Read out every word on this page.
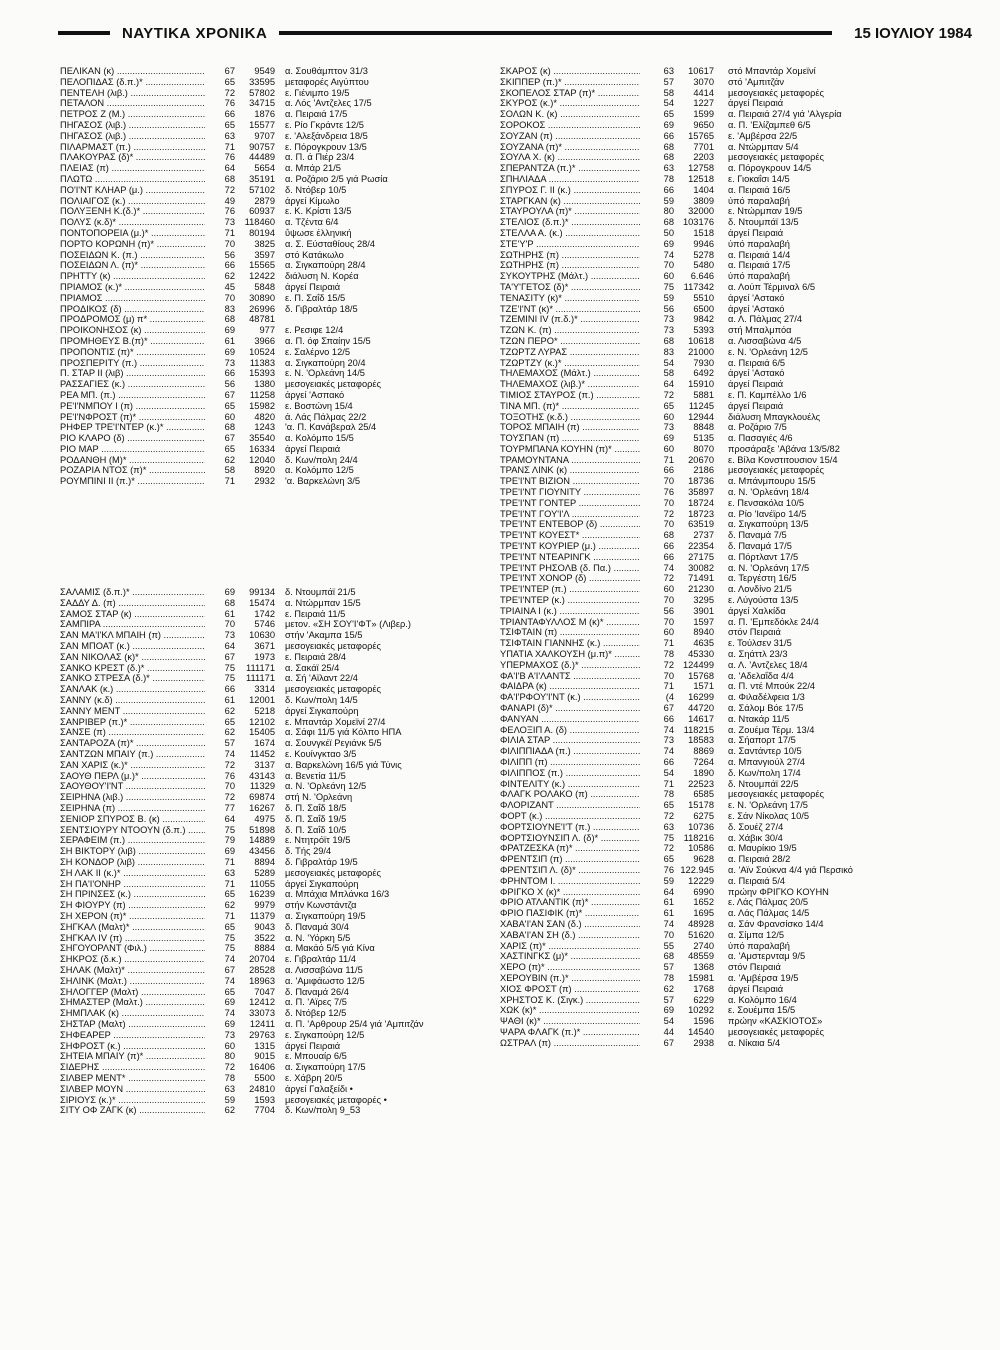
ΝΑΥΤΙΚΑ ΧΡΟΝΙΚΑ	15 ΙΟΥΛΙΟΥ 1984
ΠΕΛΙΚΑΝ (κ) .....	67	9549 α. Σουθάμπτον 31/3
ΠΕΛΟΠΙΔΑΣ (δ.π.)* .....	65	33595 μεταφορές Αιγύπτου
ΠΕΝΤΕΛΗ (λιβ.) .....	72	57802 ε. Γιένιμπο 19/5
ΠΕΤΑΛΟΝ .....	76	34715 α. Λός 'Αντζελες 17/5
ΠΕΤΡΟΣ Ζ (Μ.) .....	66	1876 α. Πειραιά 17/5
ΠΗΓΑΣΟΣ (λιβ.) .....	65	15577 ε. Ρίο Γκράντε 12/5
ΠΗΓΑΣΟΣ (λιβ.) .....	63	9707 ε. 'Αλεξάνδρεια 18/5
ΠΙΛΑΡΜΑΣΤ (π.) .....	71	90757 ε. Πόρογκρουν 13/5
ΠΛΑΚΟΥΡΑΣ (δ)* .....	76	44489 α. Π. ά Πιέρ 23/4
ΠΛΕΙΑΣ (π) .....	64	5654 α. Μπάρ 21/5
ΠΛΩΤΩ .....	68	35191 α. Ροζάριο 2/5 γιά Ρωσία
ΠΟ'Ι'ΝΤ ΚΛΗΑΡ (μ.) .....	72	57102 δ. Ντόβερ 10/5
ΠΟΛΙΑΙΓΟΣ (κ.) .....	49	2879 άργεί Κίμωλο
ΠΟΛΥΞΕΝΗ Κ.(δ.)* .....	76	60937 ε. Κ. Κρίστι 13/5
ΠΟΛΥΣ (κ.δ)* .....	73	118460 α. Τζέντα 6/4
ΠΟΝΤΟΠΟΡΕΙΑ (μ.)* .....	71	80194 ΰψωσε έλληνική
ΠΟΡΤΟ ΚΟΡΩΝΗ (π)* .....	70	3825 α. Σ. Εύσταθίους 28/4
ΠΟΣΕΙΔΩΝ Κ. (π.) .....	56	3597 στό Κατάκωλο
ΠΟΣΕΙΔΩΝ Λ. (π)* .....	66	15565 α. Σιγκαπούρη 28/4
ΠΡΗΤΤΥ (κ) .....	62	12422 διάλυση Ν. Κορέα
ΠΡΙΑΜΟΣ (κ.)* .....	45	5848 άργεί Πειραιά
ΠΡΙΑΜΟΣ .....	70	30890 ε. Π. Σαΐδ 15/5
ΠΡΟΔΙΚΟΣ (δ) .....	83	26996 δ. Γιβραλτάρ 18/5
ΠΡΟΔΡΟΜΟΣ (μ) π* .....	68	48781
ΠΡΟΙΚΟΝΗΣΟΣ (κ) .....	69	977 ε. Ρεσιφε 12/4
ΠΡΟΜΗΘΕΥΣ Β.(π)* .....	61	3966 α. Π. όφ Σπαίην 15/5
ΠΡΟΠΟΝΤΙΣ (π)* .....	69	10524 ε. Σαλέρνο 12/5
ΠΡΟΣΠΕΡΙΤΥ (π.) .....	73	11383 α. Σιγκαπούρη 20/4
Π. ΣΤΑΡ ΙΙ (λιβ) .....	66	15393 ε. Ν. 'Ορλεάνη 14/5
ΡΑΣΣΑΓΙΕΣ (κ.) .....	56	1380 μεσογειακές μεταφορές
ΡΕΑ ΜΠ. (π.) .....	67	11258 άργεί 'Ασπακό
ΡΕ'Ι'ΝΜΠΟΥ Ι (π) .....	65	15982 ε. Βοστώνη 15/4
ΡΕ'Ι'ΝΦΡΟΣΤ (π)* .....	60	4820 ά. Λάς Πάλμας 22/2
ΡΗΦΕΡ ΤΡΕ'Ι'ΝΤΕΡ (κ.)* .....	68	1243 'α. Π. Κανάβεραλ 25/4
ΡΙΟ ΚΛΑΡΟ (δ) .....	67	35540 α. Κολόμπο 15/5
ΡΙΟ ΜΑΡ .....	65	16334 άργεί Πειραιά
ΡΟΔΑΝΘΗ (Μ)* .....	62	12040 δ. Κων/πολη 24/4
ΡΟΖΑΡΙΑ ΝΤΟΣ (π)* .....	58	8920 α. Κολόμπο 12/5
ΡΟΥΜΠΙΝΙ ΙΙ (π.)* .....	71	2932 'α. Βαρκελώνη 3/5
ΣΑΛΑΜΙΣ (δ.π.)* .....	69	99134 δ. Ντουμπάϊ 21/5
ΣΑΔΔΥ Δ. (π) .....	68	15474 α. Ντώρμπαν 15/5
ΣΑΜΟΣ ΣΤΑΡ (κ) .....	61	1742 ε. Πειραιά 11/5
ΣΑΜΠΙΡΑ .....	70	5746 μετον. «ΣΗ ΣΟΥ'Ι'ΦΤ» (Λιβερ.)
ΣΑΝ ΜΑ'Ι'ΚΛ ΜΠΑΙΗ (π) .....	73	10630 στήν 'Ακαμπα 15/5
ΣΑΝ ΜΠΟΑΤ (κ.) .....	64	3671 μεσογειακές μεταφορές
ΣΑΝ ΝΙΚΟΛΑΣ (κ)* .....	67	1973 ε. Πειραιά 28/4
ΣΑΝΚΟ ΚΡΕΣΤ (δ.)* .....	75	111171 α. Σακάϊ 25/4
ΣΑΝΚΟ ΣΤΡΕΣΑ (δ.)* .....	75	111171 α. Σή 'Αϊλαντ 22/4
ΣΑΝΛΑΚ (κ.) .....	66	3314 μεσογειακές μεταφορές
ΣΑΝΝΥ (κ.δ) .....	61	12001 δ. Κων/πολη 14/5
ΣΑΝΝΥ ΜΕΝΤ .....	62	5218 άργεί Σιγκαπούρη
ΣΑΝΡΙΒΕΡ (π.)* .....	65	12102 ε. Μπαντάρ Χομεϊνί 27/4
ΣΑΝΣΕ (π) .....	62	15405 α. Σάφι 11/5 γιά Κόλπο ΗΠΑ
ΣΑΝΤΑΡΟΖΑ (π)* .....	57	1674 α. Σουνγκέϊ Ρεγιάνκ 5/5
ΣΑΝΤΖΩΝ ΜΠΑΙΥ (π.) .....	74	11452 ε. Κουίνγκταο 3/5
ΣΑΝ ΧΑΡΙΣ (κ.)* .....	72	3137 α. Βαρκελώνη 16/5 γιά Τύνις
ΣΑΟΥΘ ΠΕΡΛ (μ.)* .....	76	43143 α. Βενετία 11/5
ΣΑΟΥΘΟΥ'Ι'ΝΤ .....	70	11329 α. Ν. 'Ορλεάνη 12/5
ΣΕΙΡΗΝΑ (λιβ.) .....	72	69874 στή Ν. 'Ορλεάνη
ΣΕΙΡΗΝΑ (π) .....	77	16267 δ. Π. Σαΐδ 18/5
ΣΕΝΙΟΡ ΣΠΥΡΟΣ Β. (κ) .....	64	4975 δ. Π. Σαΐδ 19/5
ΣΕΝΤΣΙΟΥΡΥ ΝΤΟΟΥΝ (δ.π.) .....	75	51898 δ. Π. Σαΐδ 10/5
ΣΕΡΑΦΕΙΜ (π.) .....	79	14889 ε. Ντητρόϊτ 19/5
ΣΗ ΒΙΚΤΟΡΥ (λιβ) .....	69	43456 δ. Τής 29/4
ΣΗ ΚΟΝΔΟΡ (λιβ) .....	71	8894 δ. Γιβραλτάρ 19/5
ΣΗ ΛΑΚ ΙΙ (κ.)* .....	63	5289 μεσογειακές μεταφορές
ΣΗ ΠΑ'Ι'ΟΝΗΡ .....	71	11055 άργεί Σιγκαπούρη
ΣΗ ΠΡΙΝΣΕΣ (κ.) .....	65	16239 α. Μπάχια Μπλάνκα 16/3
ΣΗ ΦΙΟΥΡΥ (π) .....	62	9979 στήν Κωνστάντζα
ΣΗ ΧΕΡΟΝ (π)* .....	71	11379 α. Σιγκαπούρη 19/5
ΣΗΓΚΑΛ (Μαλτ)* .....	65	9043 δ. Παναμά 30/4
ΣΗΓΚΑΛ IV (π) .....	75	3522 α. Ν. 'Υόρκη 5/5
ΣΗΓΟΥΟΡΛΝΤ (Φιλ.) .....	75	8884 α. Μακάό 5/5 γιά Κίνα
ΣΗΚΡΟΣ (δ.κ.) .....	74	20704 ε. Γιβραλτάρ 11/4
ΣΗΛΑΚ (Μαλτ)* .....	67	28528 α. Λισσαβώνα 11/5
ΣΗΛΙΝΚ (Μαλτ.) .....	74	18963 α. 'Αμιφάωστο 12/5
ΣΗΛΟΓΓΕΡ (Μαλτ) .....	65	7047 δ. Παναμά 26/4
ΣΗΜΑΣΤΕΡ (Μαλτ.) .....	69	12412 α. Π. 'Αϊρες 7/5
ΣΗΜΠΛΑΚ (κ) .....	74	33073 δ. Ντόβερ 12/5
ΣΗΣΤΑΡ (Μαλτ) .....	69	12411 α. Π. 'Αρθρουρ 25/4 γιά 'Αμπιτζάν
ΣΗΦΕΑΡΕΡ .....	73	29763 ε. Σιγκαπούρη 12/5
ΣΗΦΡΟΣΤ (κ.) .....	60	1315 άργεί Πειραιά
ΣΗΤΕΙΑ ΜΠΑΙΥ (π)* .....	80	9015 ε. Μπουαίρ 6/5
ΣΙΔΕΡΗΣ .....	72	16406 α. Σιγκαπούρη 17/5
ΣΙΛΒΕΡ ΜΕΝΤ* .....	78	5500 ε. Χάβρη 20/5
ΣΙΛΒΕΡ ΜΟΥΝ .....	63	24810 άργεί Γαλαξείδι •
ΣΙΡΙΟΥΣ (κ.)* .....	59	1593 μεσογειακές μεταφορές •
ΣΙΤΥ ΟΦ ΖΑΓΚ (κ) .....	62	7704 δ. Κων/πολη 9_53
ΣΚΑΡΟΣ (κ) .....	63	10617 στό Μπαντάρ Χομεϊνί
ΣΚΙΠΠΕΡ (π.)* .....	57	3070 στό 'Αμπιτζάν
ΣΚΟΠΕΛΟΣ ΣΤΑΡ (π)* .....	58	4414 μεσογειακές μεταφορές
ΣΚΥΡΟΣ (κ.)* .....	54	1227 άργεί Πειραιά
ΣΟΛΩΝ Κ. (κ) .....	65	1599 α. Πειραιά 27/4 γιά 'Αλγερία
ΣΟΡΟΚΟΣ .....	69	9650 α. Π. 'Ελίζαμπεθ 6/5
ΣΟΥΖΑΝ (π) .....	66	15765 ε. 'Αμβέρσα 22/5
ΣΟΥΖΑΝΑ (π)* .....	68	7701 α. Ντώρμπαν 5/4
ΣΟΥΛΑ Χ. (κ) .....	68	2203 μεσογειακές μεταφορές
ΣΠΕΡΑΝΤΖΑ (π.)* .....	63	12758 α. Πόρογκρουν 14/5
ΣΠΗΛΙΑΔΑ .....	78	12518 ε. Γιοκαΐσι 14/5
ΣΠΥΡΟΣ Γ. ΙΙ (κ.) .....	66	1404 α. Πειραιά 16/5
ΣΤΑΡΓΚΑΝ (κ) .....	59	3809 ύπό παραλαβή
ΣΤΑΥΡΟΥΛΑ (π)* .....	80	32000 ε. Ντώρμπαν 19/5
ΣΤΕΛΙΟΣ (δ.π.)* .....	68 103176 δ. Ντουμπάϊ 13/5
ΣΤΕΛΛΑ Α. (κ.) .....	50	1518 άργεί Πειραιά
ΣΤΕ'Υ'Ρ .....	69	9946 ύπό παραλαβή
ΣΩΤΗΡΗΣ (π) .....	74	5278 α. Πειραιά 14/4
ΣΩΤΗΡΗΣ (π) .....	70	5480 α. Πειραιά 17/5
ΣΥΚΟΥΤΡΗΣ (Μάλτ.) .....	60	6.646 ύπό παραλαβή
ΤΑ'Υ'ΓΕΤΟΣ (δ)* .....	75	117342 α. Λούπ Τέρμιναλ 6/5
ΤΕΝΑΣΙΤΥ (κ)* .....	59	5510 άργεί 'Αστακό
ΤΖΕ'Ι'ΝΤ (κ)* .....	56	6500 άργεί 'Αστακό
ΤΖΕΜΙΝΙ IV (π.δ.)* .....	73	9842 α. Λ. Πάλμας 27/4
ΤΖΩΝ Κ. (π) .....	73	5393 στή Μπαλμπόα
ΤΖΩΝ ΠΕΡΟ* .....	68	10618 α. Λισσαβώνα 4/5
ΤΖΩΡΤΖ ΛΥΡΑΣ .....	83	21000 ε. Ν. 'Ορλεάνη 12/5
ΤΖΩΡΤΖΥ (κ.)* .....	54	7930 α. Πειραιά 6/5
ΤΗΛΕΜΑΧΟΣ (Μάλτ.) .....	58	6492 άργεί 'Αστακό
ΤΗΛΕΜΑΧΟΣ (λιβ.)* .....	64	15910 άργεί Πειραιά
ΤΙΜΙΟΣ ΣΤΑΥΡΟΣ (π.) .....	72	5881 ε. Π. Καμπέλλο 1/6
ΤΙΝΑ ΜΠ. (π)* .....	65	11245 άργεί Πειραιά
ΤΟΞΟΤΗΣ (κ.δ.) .....	60	12944 διάλυση Μπαγκλουέλς
ΤΟΡΟΣ ΜΠΑΙΗ (π) .....	73	8848 α. Ροζάριο 7/5
ΤΟΥΣΠΑΝ (π) .....	69	5135 α. Πασαγιές 4/6
ΤΟΥΡΜΠΑΝΑ ΚΟΥΗΝ (π)* .....	60	8070 προσάραξε 'Αβάνα 13/5/82
ΤΡΑΜΟΥΝΤΑΝΑ .....	71	20670 ε. Βίλα Κονστιτουσιον 15/4
ΤΡΑΝΣ ΛΙΝΚ (κ) .....	66	2186 μεσογειακές μεταφορές
ΤΡΕ'Ι'ΝΤ ΒΙΖΙΟΝ .....	70	18736 α. Μπάνμπουρυ 15/5
ΤΡΕ'Ι'ΝΤ ΓΙΟΥΝΙΤΥ .....	76	35897 α. Ν. 'Ορλεάνη 18/4
ΤΡΕ'Ι'ΝΤ ΓΟΝΤΕΡ .....	70	18724 ε. Πενσακόλα 10/5
ΤΡΕ'Ι'ΝΤ ΓΟΥ'Ι'Λ .....	72	18723 α. Ρίο 'Ιανέϊρο 14/5
ΤΡΕ'Ι'ΝΤ ΕΝΤΕΒΟΡ (δ) .....	70	63519 α. Σιγκαπούρη 13/5
ΤΡΕ'Ι'ΝΤ ΚΟΥΕΣΤ* .....	68	2737 δ. Παναμά 7/5
ΤΡΕ'Ι'ΝΤ ΚΟΥΡΙΕΡ (μ.) .....	66	22354 δ. Παναμά 17/5
ΤΡΕ'Ι'ΝΤ ΝΤΕΑΡΙΝΓΚ .....	66	27175 α. Πόρτλαντ 17/5
ΤΡΕ'Ι'ΝΤ ΡΗΣΟΛΒ (δ. Πα.) .....	74	30082 α. Ν. 'Ορλεάνη 17/5
ΤΡΕ'Ι'ΝΤ ΧΟΝΟΡ (δ) .....	72	71491 α. Τεργέστη 16/5
ΤΡΕ'Ι'ΝΤΕΡ (π.) .....	60	21230 α. Λονδίνο 21/5
ΤΡΕ'Ι'ΝΤΕΡ (κ.) .....	70	3295 ε. Λύγούστα 13/5
ΤΡΙΑΙΝΑ Ι (κ.) .....	56	3901 άργεί Χαλκίδα
ΤΡΙΑΝΤΑΦΥΛΛΟΣ Μ (κ)* .....	70	1597 α. Π. 'Εμπεδόκλε 24/4
ΤΣΙΦΤΑΙΝ (π) .....	60	8940 στόν Πειραιά
ΤΣΙΦΤΑΙΝ ΓΙΑΝΝΗΣ (κ.) .....	71	4635 ε. Τούλσεν 31/5
ΥΠΑΤΙΑ ΧΑΛΚΟΥΣΗ (μ.π)* .....	78	45330 α. Σηάττλ 23/3
ΥΠΕΡΜΑΧΟΣ (δ.)* .....	72 124499 α. Λ. 'Αντζελες 18/4
ΦΑ'Ι'Β Α'Ι'ΛΑΝΤΣ .....	70	15768 α. 'Αδελαΐδα 4/4
ΦΑΙΔΡΑ (κ) .....	71	1571 α. Π. ντέ Μπούκ 22/4
ΦΑ'Ι'ΡΦΟΥ'Ι'ΝΤ (κ.) .....	(4	16299 α. Φιλαδέλφεια 1/3
ΦΑΝΑΡΙ (δ)* .....	67	44720 α. Σάλομ Βόε 17/5
ΦΑΝΥΑΝ .....	66	14617 α. Ντακάρ 11/5
ΦΕΛΟΞΙΠ Α. (δ) .....	74	118215 α. Ζουέμα Τέρμ. 13/4
ΦΙΛΙΑ ΣΤΑΡ .....	73	18583 α. Σήαπορτ 17/5
ΦΙΛΙΠΠΙΑΔΑ (π.) .....	74	8869 α. Σαντάντερ 10/5
ΦΙΛΙΠΠ (π) .....	66	7264 α. Μπανγιούλ 27/4
ΦΙΛΙΠΠΟΣ (π.) .....	54	1890 δ. Κων/πολη 17/4
ΦΙΝΤΕΛΙΤΥ (κ.) .....	71	22523 δ. Ντουμπάϊ 22/5
ΦΛΑΓΚ ΡΟΛΑΚΟ (π) .....	78	6585 μεσογειακές μεταφορές
ΦΛΟΡΙΖΑΝΤ .....	65	15178 ε. Ν. 'Ορλεάνη 17/5
ΦΟΡΤ (κ.) .....	72	6275 ε. Σάν Νίκολας 10/5
ΦΟΡΤΣΙΟΥΝΕ'Ι'Τ (π.) .....	63	10736 δ. Σουέζ 27/4
ΦΟΡΤΣΙΟΥΝΣΙΠ Λ. (δ)* .....	75	118216 α. Χάβικ 30/4
ΦΡΑΤΖΕΣΚΑ (π)* .....	72	10586 α. Μαυρίκιο 19/5
ΦΡΕΝΤΣΙΠ (π) .....	65	9628 α. Πειραιά 28/2
ΦΡΕΝΤΣΙΠ Λ. (δ)* .....	76 122.945 α. 'Αϊν Σούκνα 4/4 γιά Περσικό
ΦΡΗΝΤΟΜ Ι. .....	59	12229 α. Πειραιά 5/4
ΦΡΙΓΚΟ Χ (κ)* .....	64	6990 πρώην ΦΡΙΓΚΟ ΚΟΥΗΝ
ΦΡΙΟ ΑΤΛΑΝΤΙΚ (π)* .....	61	1652 ε. Λάς Πάλμας 20/5
ΦΡΙΟ ΠΑΣΙΦΙΚ (π)* .....	61	1695 α. Λάς Πάλμας 14/5
ΧΑΒΑ'Ι'ΑΝ ΣΑΝ (δ.) .....	74	48928 α. Σάν Φρανσίσκο 14/4
ΧΑΒΑ'Ι'ΑΝ ΣΗ (δ.) .....	70	51620 α. Σίμπα 12/5
ΧΑΡΙΣ (π)* .....	55	2740 ύπό παραλαβή
ΧΑΣΤΙΝΓΚΣ (μ)* .....	68	48559 α. 'Αμστερνταμ 9/5
ΧΕΡΟ (π)* .....	57	1368 στόν Πειραιά
ΧΕΡΟΥΒΙΝ (π.)* .....	78	15981 α. 'Αμβέρσα 19/5
ΧΙΟΣ ΦΡΟΣΤ (π) .....	62	1768 άργεί Πειραιά
ΧΡΗΣΤΟΣ Κ. (Σιγκ.) .....	57	6229 α. Κολόμπο 16/4
ΧΩΚ (κ)* .....	69	10292 ε. Σουέμπα 15/5
ΨΑΘΙ (κ)* .....	54	1596 πρώην «ΚΑΣΚΙΟΤΟΣ»
ΨΑΡΑ ΦΛΑΓΚ (π.)* .....	44	14540 μεσογειακές μεταφορές
ΩΣΤΡΑΛ (π) .....	67	2938 α. Νίκαια 5/4
